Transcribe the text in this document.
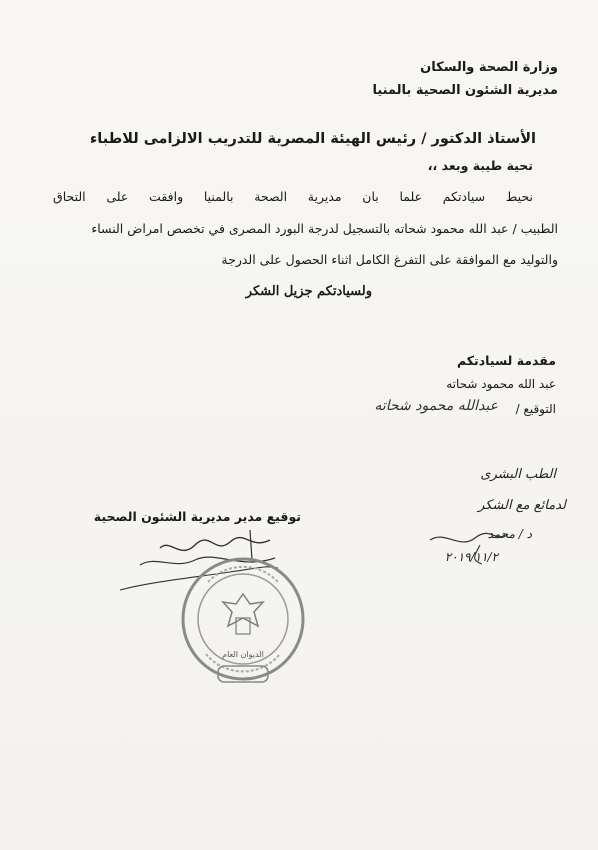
وزارة الصحة والسكان
مديرية الشئون الصحية بالمنيا
الأستاذ الدكتور / رئيس الهيئة المصرية للتدريب الالزامى للاطباء
تحية طيبة وبعد ،،
نحيط سيادتكم علما بان مديرية الصحة بالمنيا وافقت على التحاق
الطبيب / عبد الله محمود شحاته بالتسجيل لدرجة البورد المصرى في تخصص امراض النساء
والتوليد مع الموافقة على التفرغ الكامل اثناء الحصول على الدرجة
ولسيادتكم جزيل الشكر
مقدمة لسيادتكم
عبد الله محمود شحاته
التوقيع /
عبدالله محمود شحاته
توقيع مدير مديرية الشئون الصحية
الطب البشرى
لدمائع مع الشكر
د / محمد
٢٠١٩/١١/٢
الديوان العام
